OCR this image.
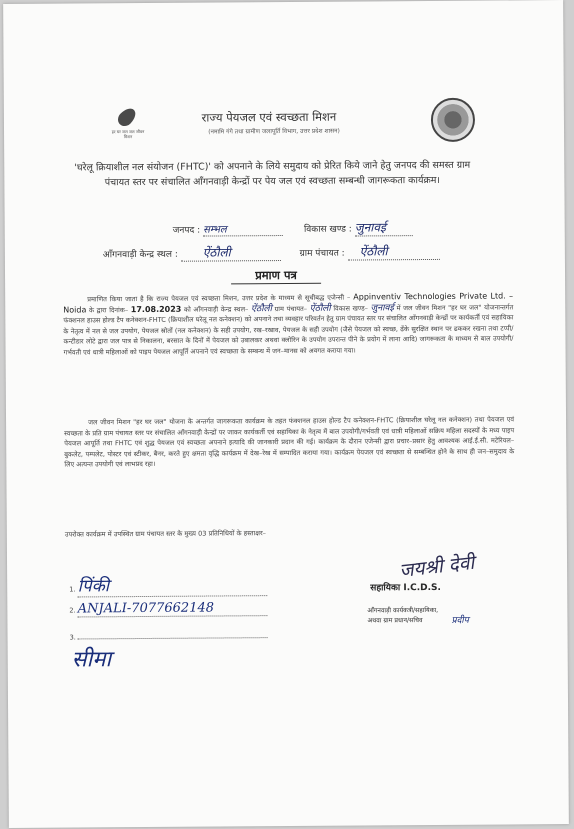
हर घर जल जल जीवन मिशन
राज्य पेयजल एवं स्वच्छता मिशन
(नमामि गंगे तथा ग्रामीण जलापूर्ति विभाग, उत्तर प्रदेश शासन)
'घरेलू क्रियाशील नल संयोजन (FHTC)' को अपनाने के लिये समुदाय को प्रेरित किये जाने हेतु जनपद की समस्त ग्राम पंचायत स्तर पर संचालित आँगनवाड़ी केन्द्रों पर पेय जल एवं स्वच्छता सम्बन्धी जागरूकता कार्यक्रम।
जनपद : सम्भल	विकास खण्ड : जुनावई
आँगनवाड़ी केन्द्र स्थल : ऐंठौली	ग्राम पंचायत : ऐंठौली
प्रमाण पत्र
प्रमाणित किया जाता है कि राज्य पेयजल एवं स्वच्छता मिशन, उत्तर प्रदेश के माध्यम से सूचीबद्ध एजेन्सी – Appinventiv Technologies Private Ltd. – Noida के द्वारा दिनांक– 17.08.2023 को आँगनवाड़ी केन्द्र स्थल– ऐंठौली ग्राम पंचायत– ऐंठौली विकास खण्ड– जुनावई में जल जीवन मिशन "हर घर जल" योजनान्तर्गत फंक्शनल हाउस होल्ड टैप कनेक्शन-FHTC (क्रियाशील घरेलू नल कनेक्शन) को अपनाने तथा व्यवहार परिवर्तन हेतु ग्राम पंचायत स्तर पर संचालित आँगनवाड़ी केन्द्रों पर कार्यकर्ती एवं सहायिका के नेतृत्व में नल से जल उपयोग, पेयजल स्रोतों (नल कनेक्शन) के सही उपयोग, रख–रखाव, पेयजल के सही उपयोग (जैसे पेयजल को स्वच्छ, ढँके सुरक्षित स्थान पर ढककर रखना तथा टप्पी/कन्टीडार लोटे द्वारा जल पात्र से निकालना, बरसात के दिनों में पेयजल को उबालकर अथवा क्लोरिन के उपयोग उपरान्त पीने के प्रयोग में लाना आदि) जागरूकता के माध्यम से बाल उपयोगी/गर्भवती एवं धात्री महिलाओं को पाइप पेयजल आपूर्ति अपनाने एवं स्वच्छता के सम्बन्ध में जन–मानस को अवगत कराया गया।
जल जीवन मिशन "हर घर जल" योजना के अन्तर्गत जागरूकता कार्यक्रम के तहत फंक्शनल हाउस होल्ड टैप कनेक्शन-FHTC (क्रियाशील घरेलू नल कनेक्शन) तथा पेयजल एवं स्वच्छता के प्रति ग्राम पंचायत स्तर पर संचालित आँगनवाड़ी केन्द्रों पर जाकर कार्यकर्ती एवं सहायिका के नेतृत्व में बाल उपयोगी/गर्भवती एवं धात्री महिलाओं सक्रिय महिला सदस्यों के मध्य पाइप पेयजल आपूर्ति तथा FHTC एवं शुद्ध पेयजल एवं स्वच्छता अपनाने इत्यादि की जानकारी प्रदान की गई। कार्यक्रम के दौरान एजेन्सी द्वारा प्रचार–प्रसार हेतु आवश्यक आई.ई.सी. मटेरियल–बुकलेट, पम्पलेट, पोस्टर एवं स्टीकर, बैनर, करते हुए क्षमता वृद्धि कार्यक्रम में देख–रेख में सम्पादित कराया गया। कार्यक्रम पेयजल एवं स्वच्छता से सम्बन्धित होने के साथ ही जन–समुदाय के लिए अत्यन्त उपयोगी एवं लाभप्रद रहा।
उपरोक्त कार्यक्रम में उपस्थित ग्राम पंचायत स्तर के मुख्य 03 प्रतिनिधियों के हस्ताक्षर–
1. पिंकी
2. ANJALI-7077662148
3.
सीमा
जयश्री देवी
सहायिका I.C.D.S.
आँगनवाड़ी कार्यकत्री/सहायिका,
अथवा ग्राम प्रधान/सचिव	प्रदीप
